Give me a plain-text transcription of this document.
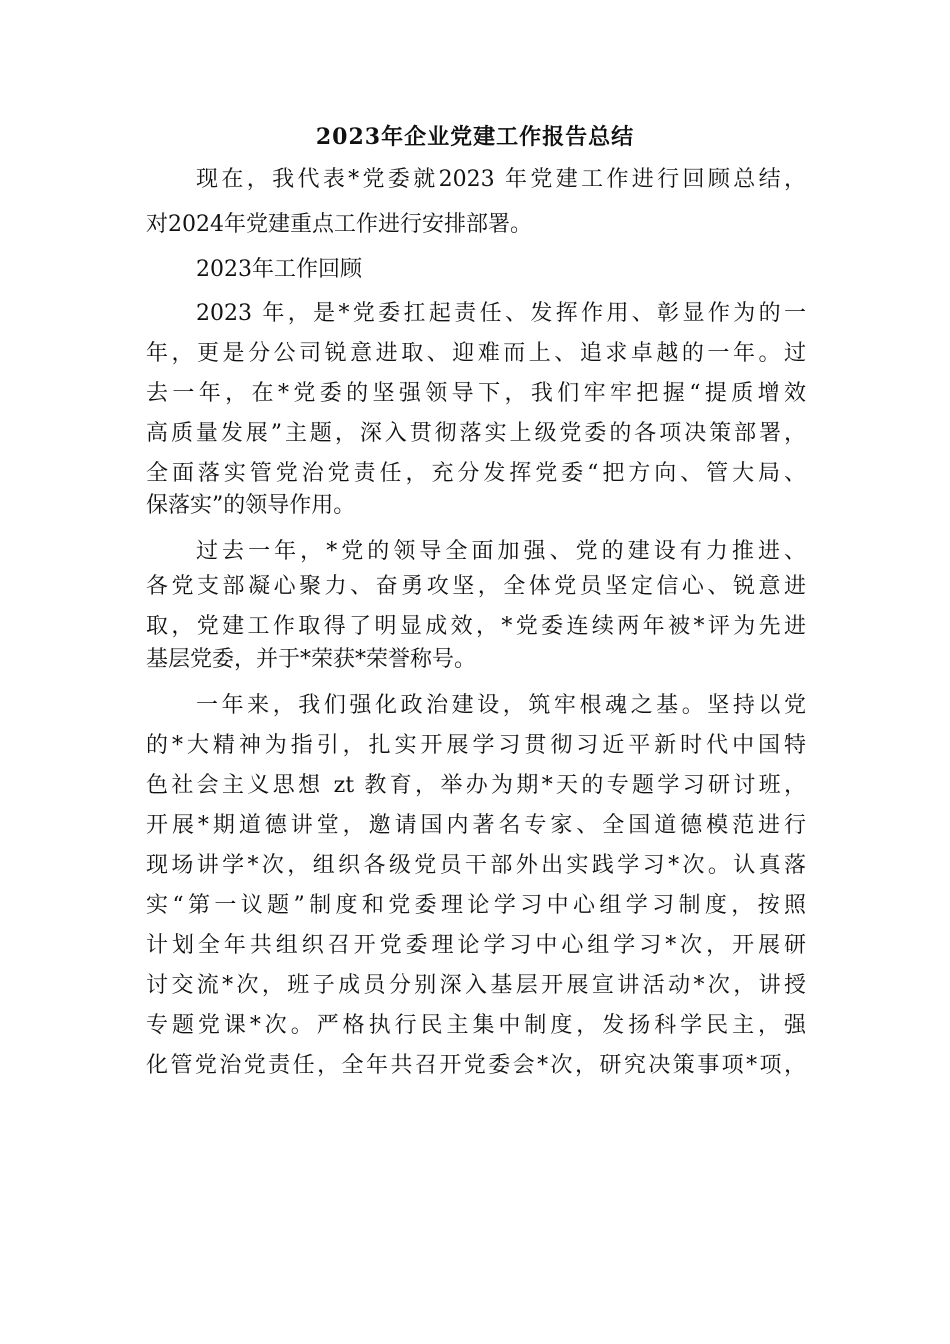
2023年企业党建工作报告总结
现在，我代表*党委就2023 年党建工作进行回顾总结，
对2024年党建重点工作进行安排部署。
2023年工作回顾
2023 年，是*党委扛起责任、发挥作用、彰显作为的一
年，更是分公司锐意进取、迎难而上、追求卓越的一年。过
去一年，在*党委的坚强领导下，我们牢牢把握“提质增效
高质量发展”主题，深入贯彻落实上级党委的各项决策部署，
全面落实管党治党责任，充分发挥党委“把方向、管大局、
保落实”的领导作用。
过去一年，*党的领导全面加强、党的建设有力推进、
各党支部凝心聚力、奋勇攻坚，全体党员坚定信心、锐意进
取，党建工作取得了明显成效，*党委连续两年被*评为先进
基层党委，并于*荣获*荣誉称号。
一年来，我们强化政治建设，筑牢根魂之基。坚持以党
的*大精神为指引，扎实开展学习贯彻习近平新时代中国特
色社会主义思想 zt 教育，举办为期*天的专题学习研讨班，
开展*期道德讲堂，邀请国内著名专家、全国道德模范进行
现场讲学*次，组织各级党员干部外出实践学习*次。认真落
实“第一议题”制度和党委理论学习中心组学习制度，按照
计划全年共组织召开党委理论学习中心组学习*次，开展研
讨交流*次，班子成员分别深入基层开展宣讲活动*次，讲授
专题党课*次。严格执行民主集中制度，发扬科学民主，强
化管党治党责任，全年共召开党委会*次，研究决策事项*项，
